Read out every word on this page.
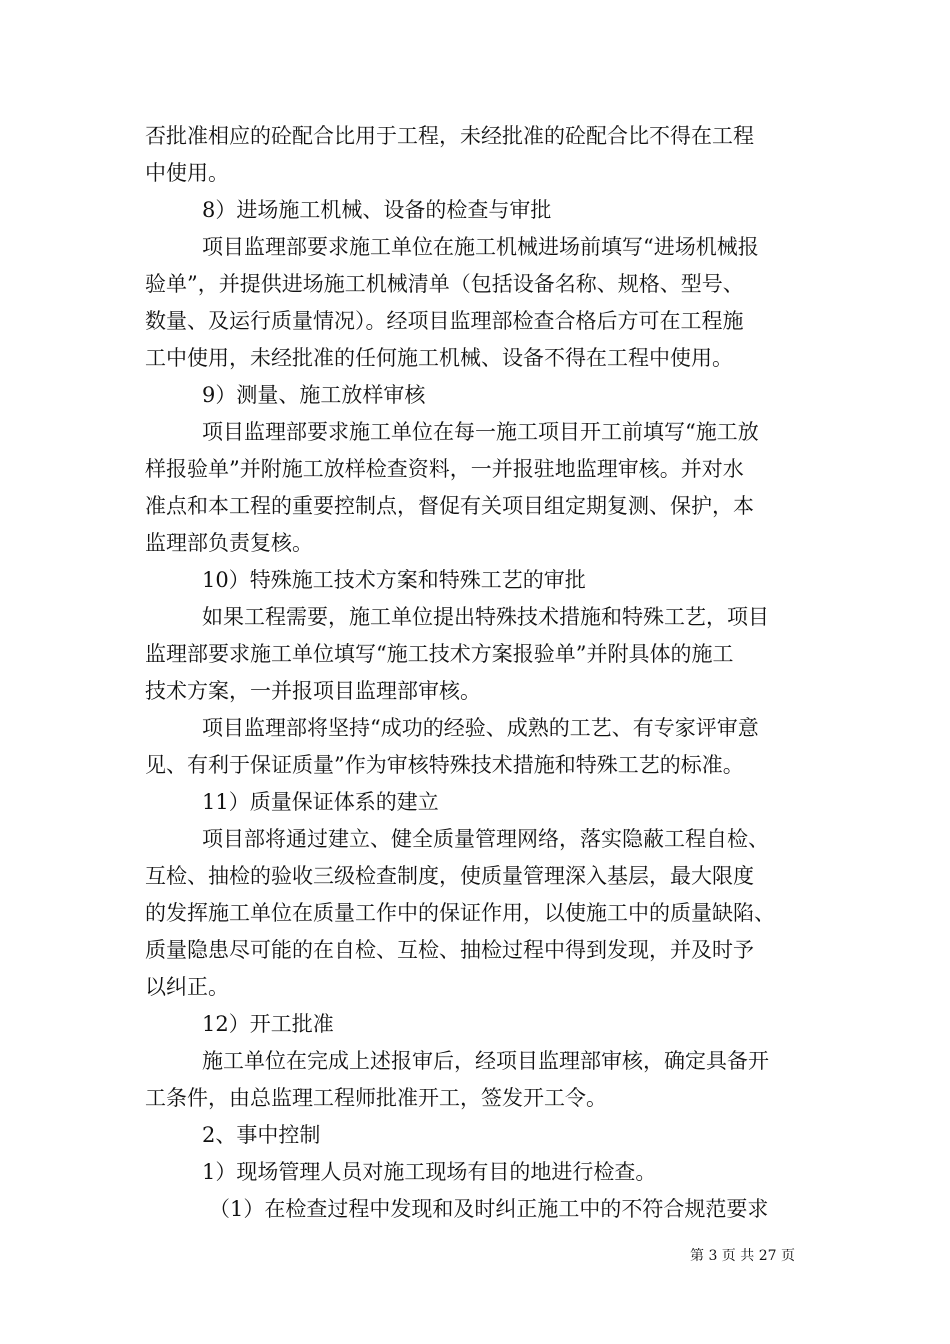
否批准相应的砼配合比用于工程，未经批准的砼配合比不得在工程
中使用。
8）进场施工机械、设备的检查与审批
项目监理部要求施工单位在施工机械进场前填写“进场机械报
验单”，并提供进场施工机械清单（包括设备名称、规格、型号、
数量、及运行质量情况）。经项目监理部检查合格后方可在工程施
工中使用，未经批准的任何施工机械、设备不得在工程中使用。
9）测量、施工放样审核
项目监理部要求施工单位在每一施工项目开工前填写“施工放
样报验单”并附施工放样检查资料，一并报驻地监理审核。并对水
准点和本工程的重要控制点，督促有关项目组定期复测、保护，本
监理部负责复核。
10）特殊施工技术方案和特殊工艺的审批
如果工程需要，施工单位提出特殊技术措施和特殊工艺，项目
监理部要求施工单位填写“施工技术方案报验单”并附具体的施工
技术方案，一并报项目监理部审核。
项目监理部将坚持“成功的经验、成熟的工艺、有专家评审意
见、有利于保证质量”作为审核特殊技术措施和特殊工艺的标准。
11）质量保证体系的建立
项目部将通过建立、健全质量管理网络，落实隐蔽工程自检、
互检、抽检的验收三级检查制度，使质量管理深入基层，最大限度
的发挥施工单位在质量工作中的保证作用，以使施工中的质量缺陷、
质量隐患尽可能的在自检、互检、抽检过程中得到发现，并及时予
以纠正。
12）开工批准
施工单位在完成上述报审后，经项目监理部审核，确定具备开
工条件，由总监理工程师批准开工，签发开工令。
2、事中控制
1）现场管理人员对施工现场有目的地进行检查。
（1）在检查过程中发现和及时纠正施工中的不符合规范要求
第 3 页 共 27 页
